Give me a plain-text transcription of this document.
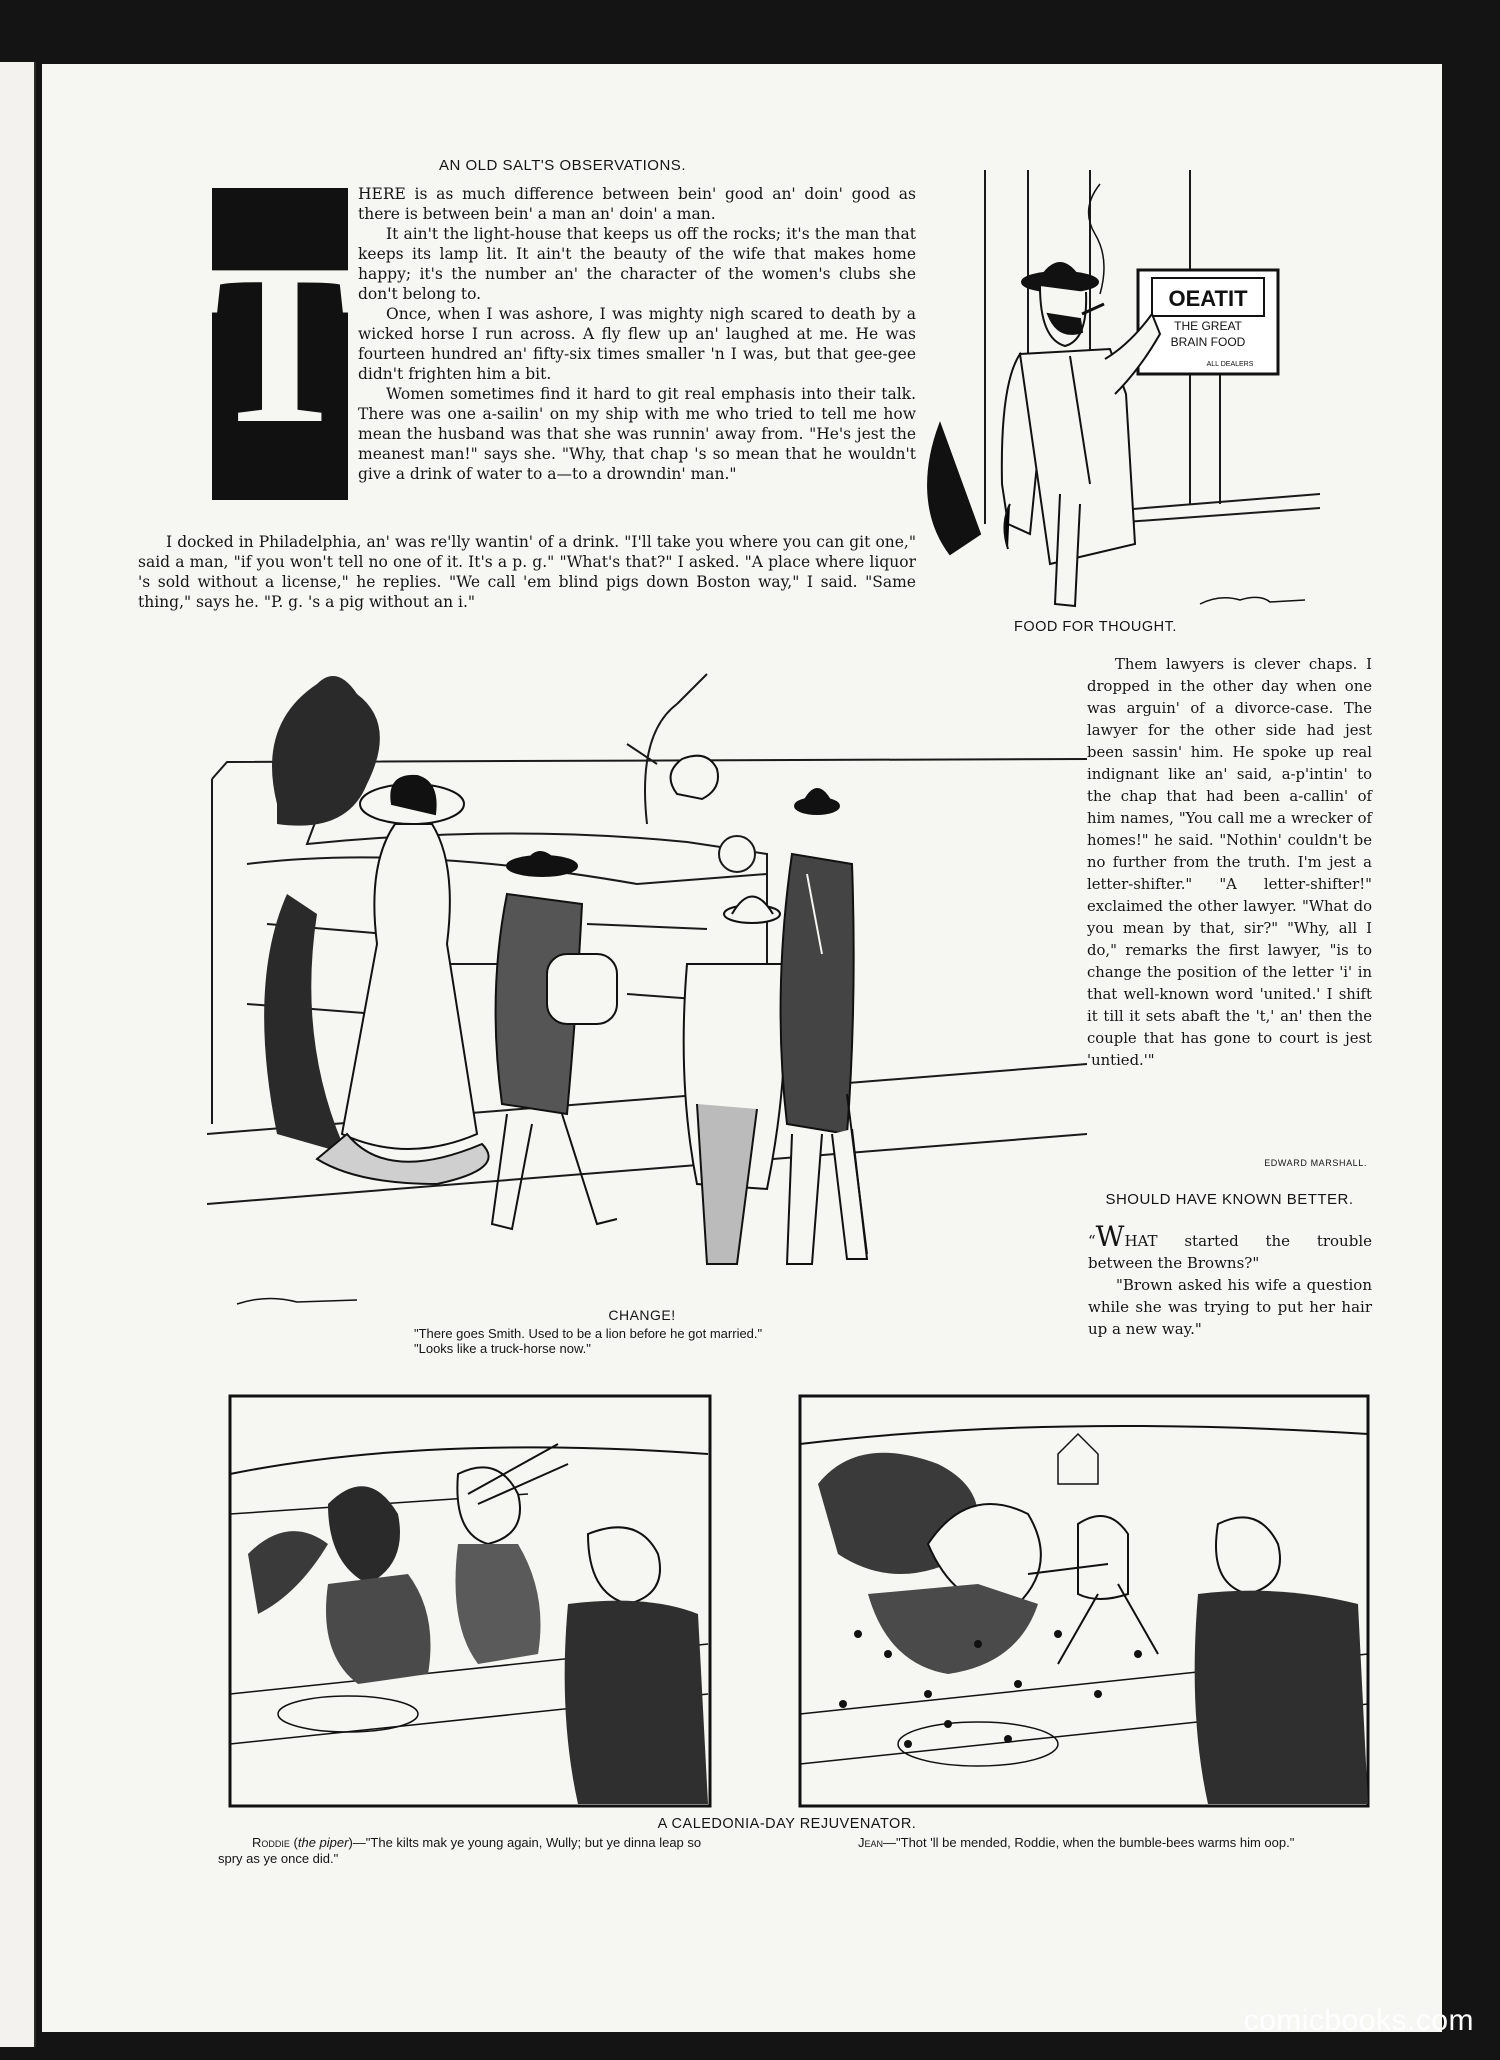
AN OLD SALT'S OBSERVATIONS.
T

HERE is as much difference between bein' good an' doin' good as there is between bein' a man an' doin' a man.

It ain't the light-house that keeps us off the rocks; it's the man that keeps its lamp lit. It ain't the beauty of the wife that makes home happy; it's the number an' the character of the women's clubs she don't belong to.

Once, when I was ashore, I was mighty nigh scared to death by a wicked horse I run across. A fly flew up an' laughed at me. He was fourteen hundred an' fifty-six times smaller 'n I was, but that gee-gee didn't frighten him a bit.

Women sometimes find it hard to git real emphasis into their talk. There was one a-sailin' on my ship with me who tried to tell me how mean the husband was that she was runnin' away from. "He's jest the meanest man!" says she. "Why, that chap 's so mean that he wouldn't give a drink of water to a—to a drowndin' man."

I docked in Philadelphia, an' was re'lly wantin' of a drink. "I'll take you where you can git one," said a man, "if you won't tell no one of it. It's a p. g." "What's that?" I asked. "A place where liquor 's sold without a license," he replies. "We call 'em blind pigs down Boston way," I said. "Same thing," says he. "P. g. 's a pig without an i."

OEATIT
THE GREAT
BRAIN FOOD
ALL DEALERS
FOOD FOR THOUGHT.

Them lawyers is clever chaps. I dropped in the other day when one was arguin' of a divorce-case. The lawyer for the other side had jest been sassin' him. He spoke up real indignant like an' said, a-p'intin' to the chap that had been a-callin' of him names, "You call me a wrecker of homes!" he said. "Nothin' couldn't be no further from the truth. I'm jest a letter-shifter." "A letter-shifter!" exclaimed the other lawyer. "What do you mean by that, sir?" "Why, all I do," remarks the first lawyer, "is to change the position of the letter 'i' in that well-known word 'united.' I shift it till it sets abaft the 't,' an' then the couple that has gone to court is jest 'untied.'"

EDWARD MARSHALL.
CHANGE!
"There goes Smith. Used to be a lion before he got married."
"Looks like a truck-horse now."
SHOULD HAVE KNOWN BETTER.

“WHAT started the trouble between the Browns?"

"Brown asked his wife a question while she was trying to put her hair up a new way."

A CALEDONIA-DAY REJUVENATOR.
Roddie (the piper)—"The kilts mak ye young again, Wully; but ye dinna leap so spry as ye once did."
Jean—"Thot 'll be mended, Roddie, when the bumble-bees warms him oop."
comicbooks.com
